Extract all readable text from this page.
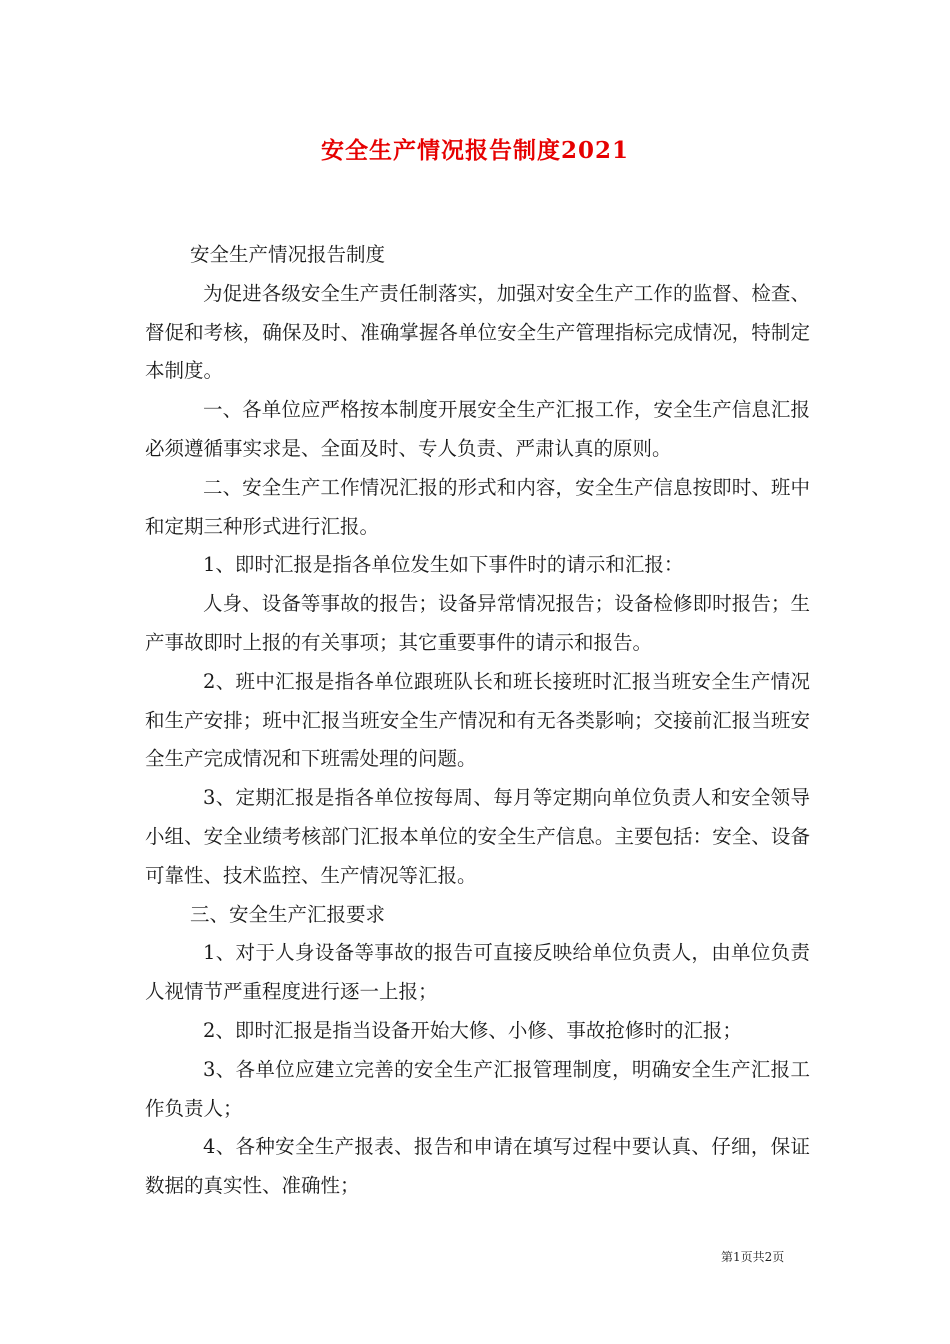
安全生产情况报告制度2021

安全生产情况报告制度

为促进各级安全生产责任制落实，加强对安全生产工作的监督、检查、督促和考核，确保及时、准确掌握各单位安全生产管理指标完成情况，特制定本制度。

一、各单位应严格按本制度开展安全生产汇报工作，安全生产信息汇报必须遵循事实求是、全面及时、专人负责、严肃认真的原则。

二、安全生产工作情况汇报的形式和内容，安全生产信息按即时、班中和定期三种形式进行汇报。

1、即时汇报是指各单位发生如下事件时的请示和汇报：

人身、设备等事故的报告；设备异常情况报告；设备检修即时报告；生产事故即时上报的有关事项；其它重要事件的请示和报告。

2、班中汇报是指各单位跟班队长和班长接班时汇报当班安全生产情况和生产安排；班中汇报当班安全生产情况和有无各类影响；交接前汇报当班安全生产完成情况和下班需处理的问题。

3、定期汇报是指各单位按每周、每月等定期向单位负责人和安全领导小组、安全业绩考核部门汇报本单位的安全生产信息。主要包括：安全、设备可靠性、技术监控、生产情况等汇报。

三、安全生产汇报要求

1、对于人身设备等事故的报告可直接反映给单位负责人，由单位负责人视情节严重程度进行逐一上报；

2、即时汇报是指当设备开始大修、小修、事故抢修时的汇报；

3、各单位应建立完善的安全生产汇报管理制度，明确安全生产汇报工作负责人；

4、各种安全生产报表、报告和申请在填写过程中要认真、仔细，保证数据的真实性、准确性；

第1页共2页
